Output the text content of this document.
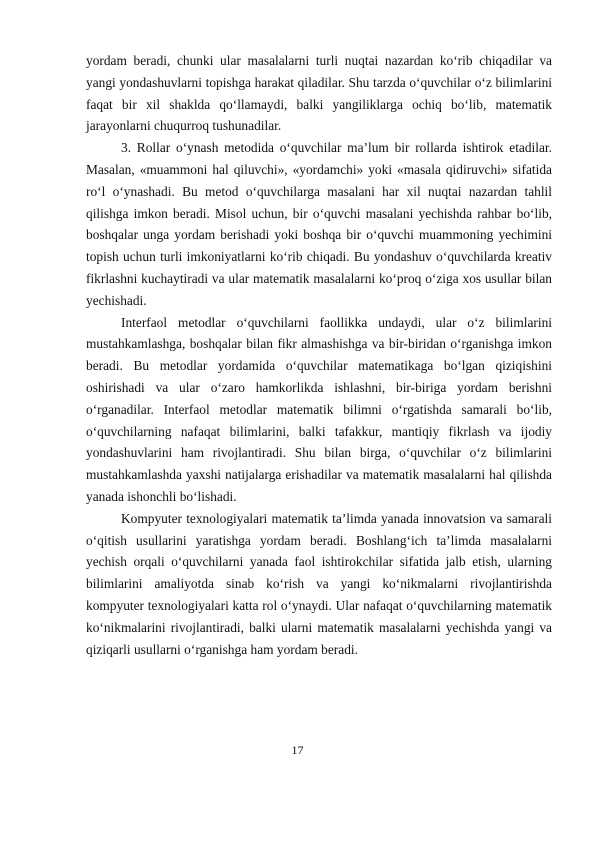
yordam beradi, chunki ular masalalarni turli nuqtai nazardan ko‘rib chiqadilar va yangi yondashuvlarni topishga harakat qiladilar. Shu tarzda o‘quvchilar o‘z bilimlarini faqat bir xil shaklda qo‘llamaydi, balki yangiliklarga ochiq bo‘lib, matematik jarayonlarni chuqurroq tushunadilar.

3. Rollar o‘ynash metodida o‘quvchilar ma’lum bir rollarda ishtirok etadilar. Masalan, «muammoni hal qiluvchi», «yordamchi» yoki «masala qidiruvchi» sifatida ro‘l o‘ynashadi. Bu metod o‘quvchilarga masalani har xil nuqtai nazardan tahlil qilishga imkon beradi. Misol uchun, bir o‘quvchi masalani yechishda rahbar bo‘lib, boshqalar unga yordam berishadi yoki boshqa bir o‘quvchi muammoning yechimini topish uchun turli imkoniyatlarni ko‘rib chiqadi. Bu yondashuv o‘quvchilarda kreativ fikrlashni kuchaytiradi va ular matematik masalalarni ko‘proq o‘ziga xos usullar bilan yechishadi.

Interfaol metodlar o‘quvchilarni faollikka undaydi, ular o‘z bilimlarini mustahkamlashga, boshqalar bilan fikr almashishga va bir-biridan o‘rganishga imkon beradi. Bu metodlar yordamida o‘quvchilar matematikaga bo‘lgan qiziqishini oshirishadi va ular o‘zaro hamkorlikda ishlashni, bir-biriga yordam berishni o‘rganadilar. Interfaol metodlar matematik bilimni o‘rgatishda samarali bo‘lib, o‘quvchilarning nafaqat bilimlarini, balki tafakkur, mantiqiy fikrlash va ijodiy yondashuvlarini ham rivojlantiradi. Shu bilan birga, o‘quvchilar o‘z bilimlarini mustahkamlashda yaxshi natijalarga erishadilar va matematik masalalarni hal qilishda yanada ishonchli bo‘lishadi.

Kompyuter texnologiyalari matematik ta’limda yanada innovatsion va samarali o‘qitish usullarini yaratishga yordam beradi. Boshlang‘ich ta’limda masalalarni yechish orqali o‘quvchilarni yanada faol ishtirokchilar sifatida jalb etish, ularning bilimlarini amaliyotda sinab ko‘rish va yangi ko‘nikmalarni rivojlantirishda kompyuter texnologiyalari katta rol o‘ynaydi. Ular nafaqat o‘quvchilarning matematik ko‘nikmalarini rivojlantiradi, balki ularni matematik masalalarni yechishda yangi va qiziqarli usullarni o‘rganishga ham yordam beradi.

17
